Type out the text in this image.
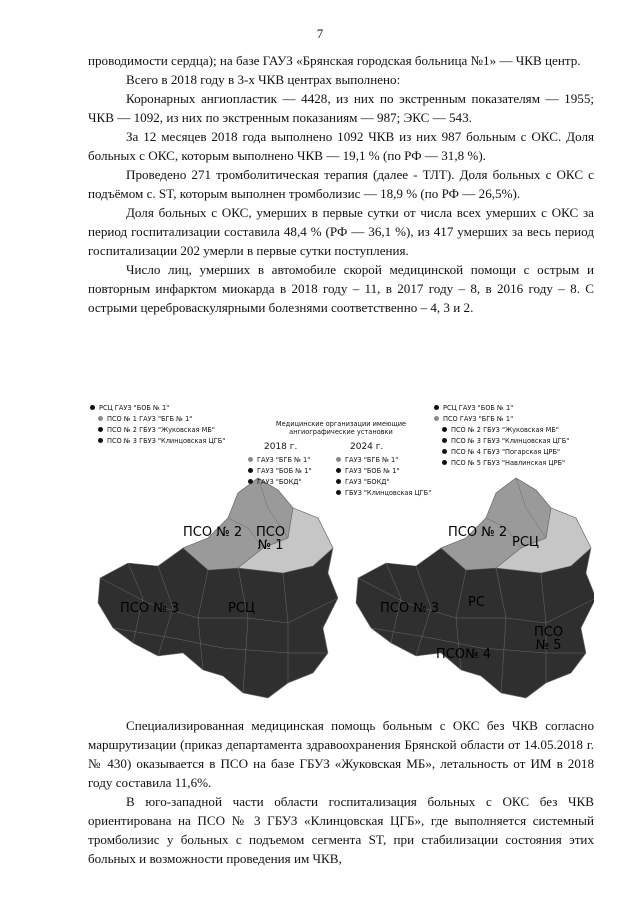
7

проводимости сердца); на базе ГАУЗ «Брянская городская больница №1» — ЧКВ центр.

Всего в 2018 году в 3-х ЧКВ центрах выполнено:

Коронарных ангиопластик — 4428, из них по экстренным показателям — 1955; ЧКВ — 1092, из них по экстренным показаниям — 987; ЭКС — 543.

За 12 месяцев 2018 года выполнено 1092 ЧКВ из них 987 больным с ОКС. Доля больных с ОКС, которым выполнено ЧКВ — 19,1 % (по РФ — 31,8 %).

Проведено 271 тромболитическая терапия (далее - ТЛТ). Доля больных с ОКС с подъёмом с. ST, которым выполнен тромболизис — 18,9 % (по РФ — 26,5%).

Доля больных с ОКС, умерших в первые сутки от числа всех умерших с ОКС за период госпитализации составила 48,4 % (РФ — 36,1 %), из 417 умерших за весь период госпитализации 202 умерли в первые сутки поступления.

Число лиц, умерших в автомобиле скорой медицинской помощи с острым и повторным инфарктом миокарда в 2018 году – 11, в 2017 году – 8, в 2016 году – 8. С острыми цереброваскулярными болезнями соответственно – 4, 3 и 2.

РСЦ ГАУЗ "БОБ № 1"
ПСО № 1 ГАУЗ "БГБ № 1"
ПСО № 2 ГБУЗ "Жуковская МБ"
ПСО № 3 ГБУЗ "Клинцовская ЦГБ"
Медицинские организации имеющие ангиографические установки
2018 г.	2024 г.
ГАУЗ "БГБ № 1"
ГАУЗ "БОБ № 1"
ГАУЗ "БОКД"
ГАУЗ "БГБ № 1"
ГАУЗ "БОБ № 1"
ГАУЗ "БОКД"
ГБУЗ "Клинцовская ЦГБ"
РСЦ ГАУЗ "БОБ № 1"
ПСО ГАУЗ "БГБ № 1"
ПСО № 2 ГБУЗ "Жуковская МБ"
ПСО № 3 ГБУЗ "Клинцовская ЦГБ"
ПСО № 4 ГБУЗ "Погарская ЦРБ"
ПСО № 5 ГБУЗ "Навлинская ЦРБ"
ПСО № 2 ПСО
№ 1
ПСО № 3	РСЦ
ПСО № 2
РСЦ
ПСО № 3 РС
ПСО№ 4
ПСО
№ 5

Специализированная медицинская помощь больным с ОКС без ЧКВ согласно маршрутизации (приказ департамента здравоохранения Брянской области от 14.05.2018 г. № 430) оказывается в ПСО на базе ГБУЗ «Жуковская МБ», летальность от ИМ в 2018 году составила 11,6%.

В юго-западной части области госпитализация больных с ОКС без ЧКВ ориентирована на ПСО № 3 ГБУЗ «Клинцовская ЦГБ», где выполняется системный тромболизис у больных с подъемом сегмента ST, при стабилизации состояния этих больных и возможности проведения им ЧКВ,
